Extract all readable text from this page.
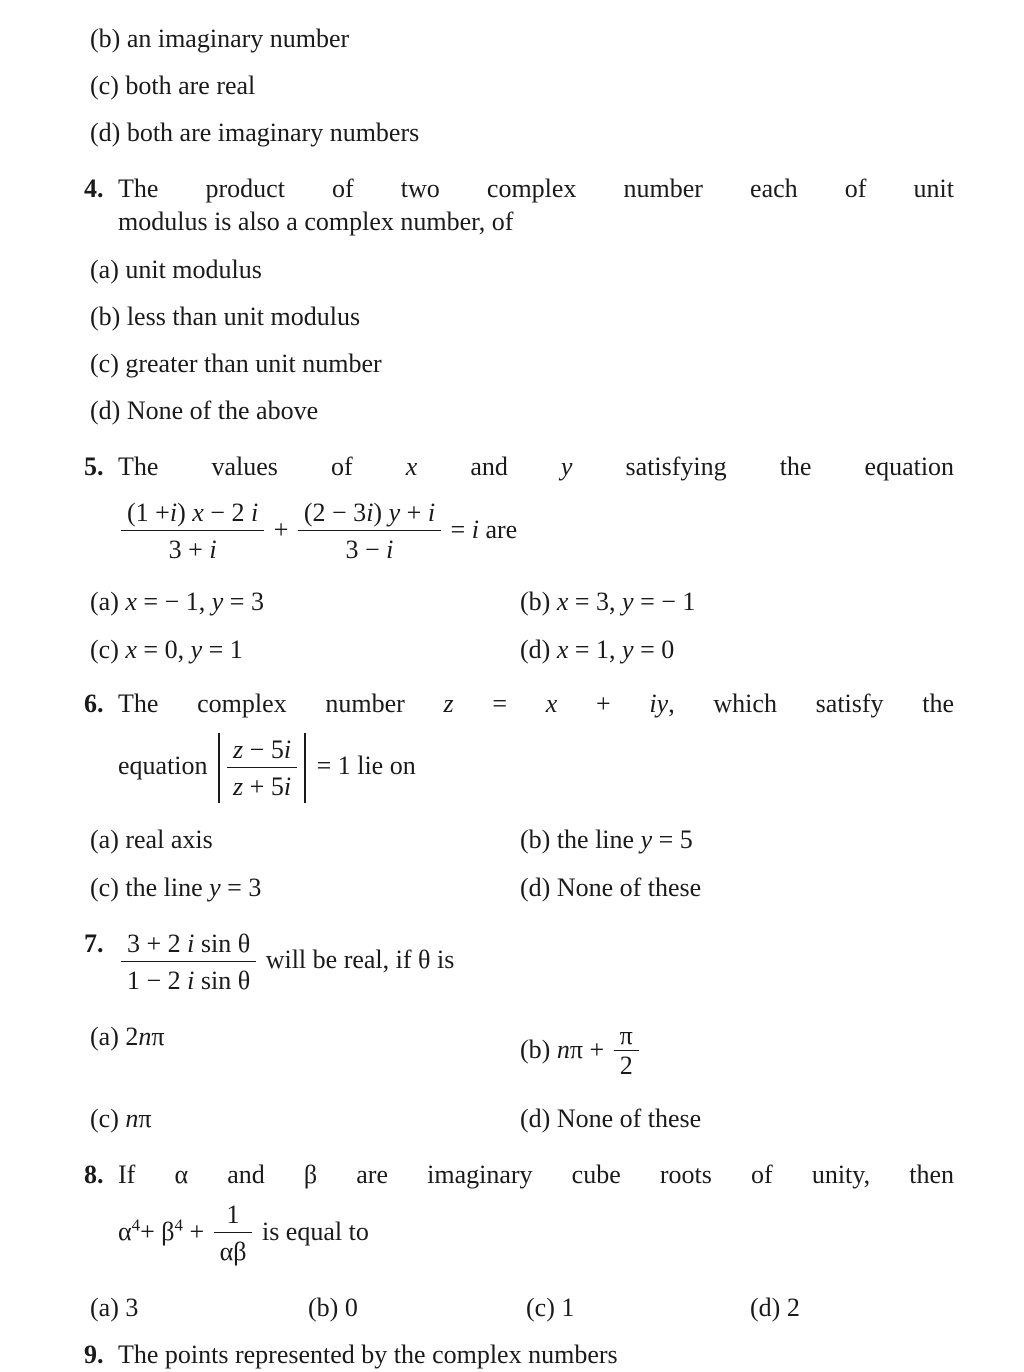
(b) an imaginary number
(c) both are real
(d) both are imaginary numbers
4. The product of two complex number each of unit
modulus is also a complex number, of
(a) unit modulus
(b) less than unit modulus
(c) greater than unit number
(d) None of the above
5. The values of x and y satisfying the equation
$\frac{(1 +i) x - 2 i}{3 + i} + \frac{(2 - 3i) y + i}{3 - i} = i$ are
(a) x = − 1, y = 3	(b) x = 3, y = − 1
(c) x = 0, y = 1	(d) x = 1, y = 0
6. The complex number z = x + iy, which satisfy the
equation $\frac{z - 5i}{z + 5i} = 1$ lie on
(a) real axis	(b) the line y = 5
(c) the line y = 3	(d) None of these
7. $\frac{\text{3 + 2 i sin θ}}{\text{1 − 2 i sin θ}}$ will be real, if θ is
(a) 2nπ	(b) $n\pi + \frac{\pi}{2}$
(c) nπ	(d) None of these
8. If α and β are imaginary cube roots of unity, then
$\alpha^4+ \beta^4 + \frac{1}{\alpha\beta}$ is equal to
(a) 3	(b) 0	(c) 1	(d) 2
9. The points represented by the complex numbers
